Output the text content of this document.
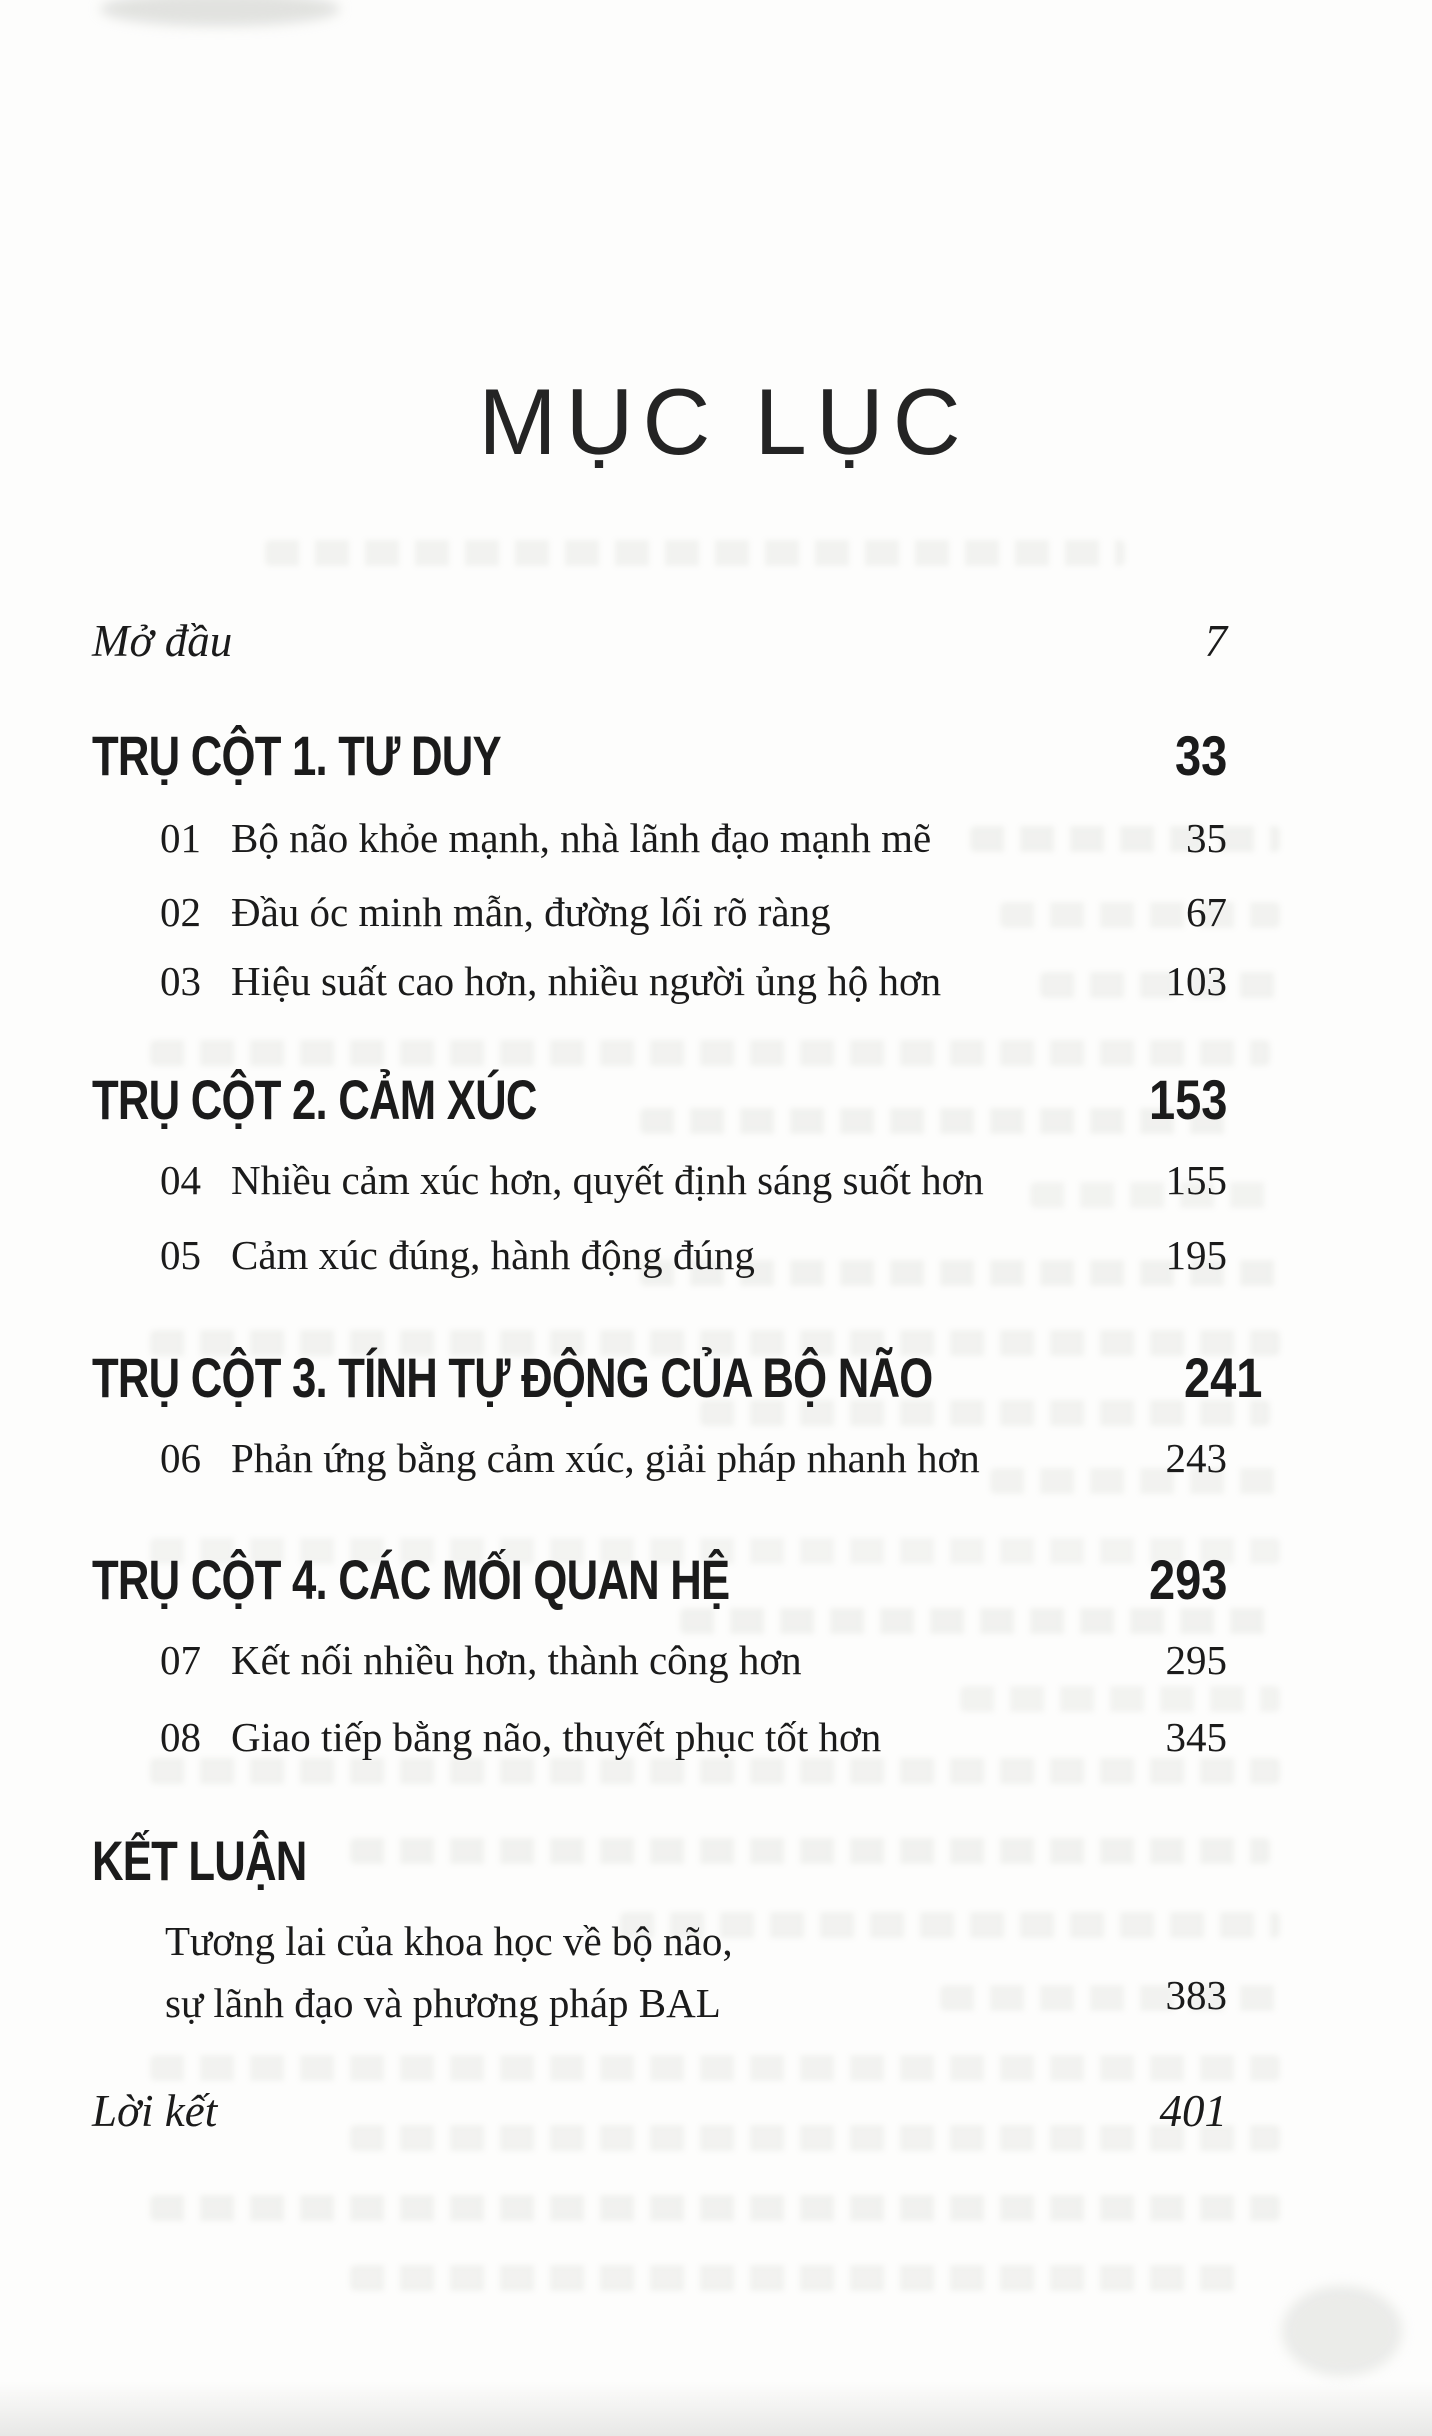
MỤC LỤC
Mở đầu	7
TRỤ CỘT 1. TƯ DUY	33
01 Bộ não khỏe mạnh, nhà lãnh đạo mạnh mẽ	35
02 Đầu óc minh mẫn, đường lối rõ ràng	67
03 Hiệu suất cao hơn, nhiều người ủng hộ hơn	103
TRỤ CỘT 2. CẢM XÚC	153
04 Nhiều cảm xúc hơn, quyết định sáng suốt hơn	155
05 Cảm xúc đúng, hành động đúng	195
TRỤ CỘT 3. TÍNH TỰ ĐỘNG CỦA BỘ NÃO	241
06 Phản ứng bằng cảm xúc, giải pháp nhanh hơn	243
TRỤ CỘT 4. CÁC MỐI QUAN HỆ	293
07 Kết nối nhiều hơn, thành công hơn	295
08 Giao tiếp bằng não, thuyết phục tốt hơn	345
KẾT LUẬN
Tương lai của khoa học về bộ não,
sự lãnh đạo và phương pháp BAL	383
Lời kết	401
